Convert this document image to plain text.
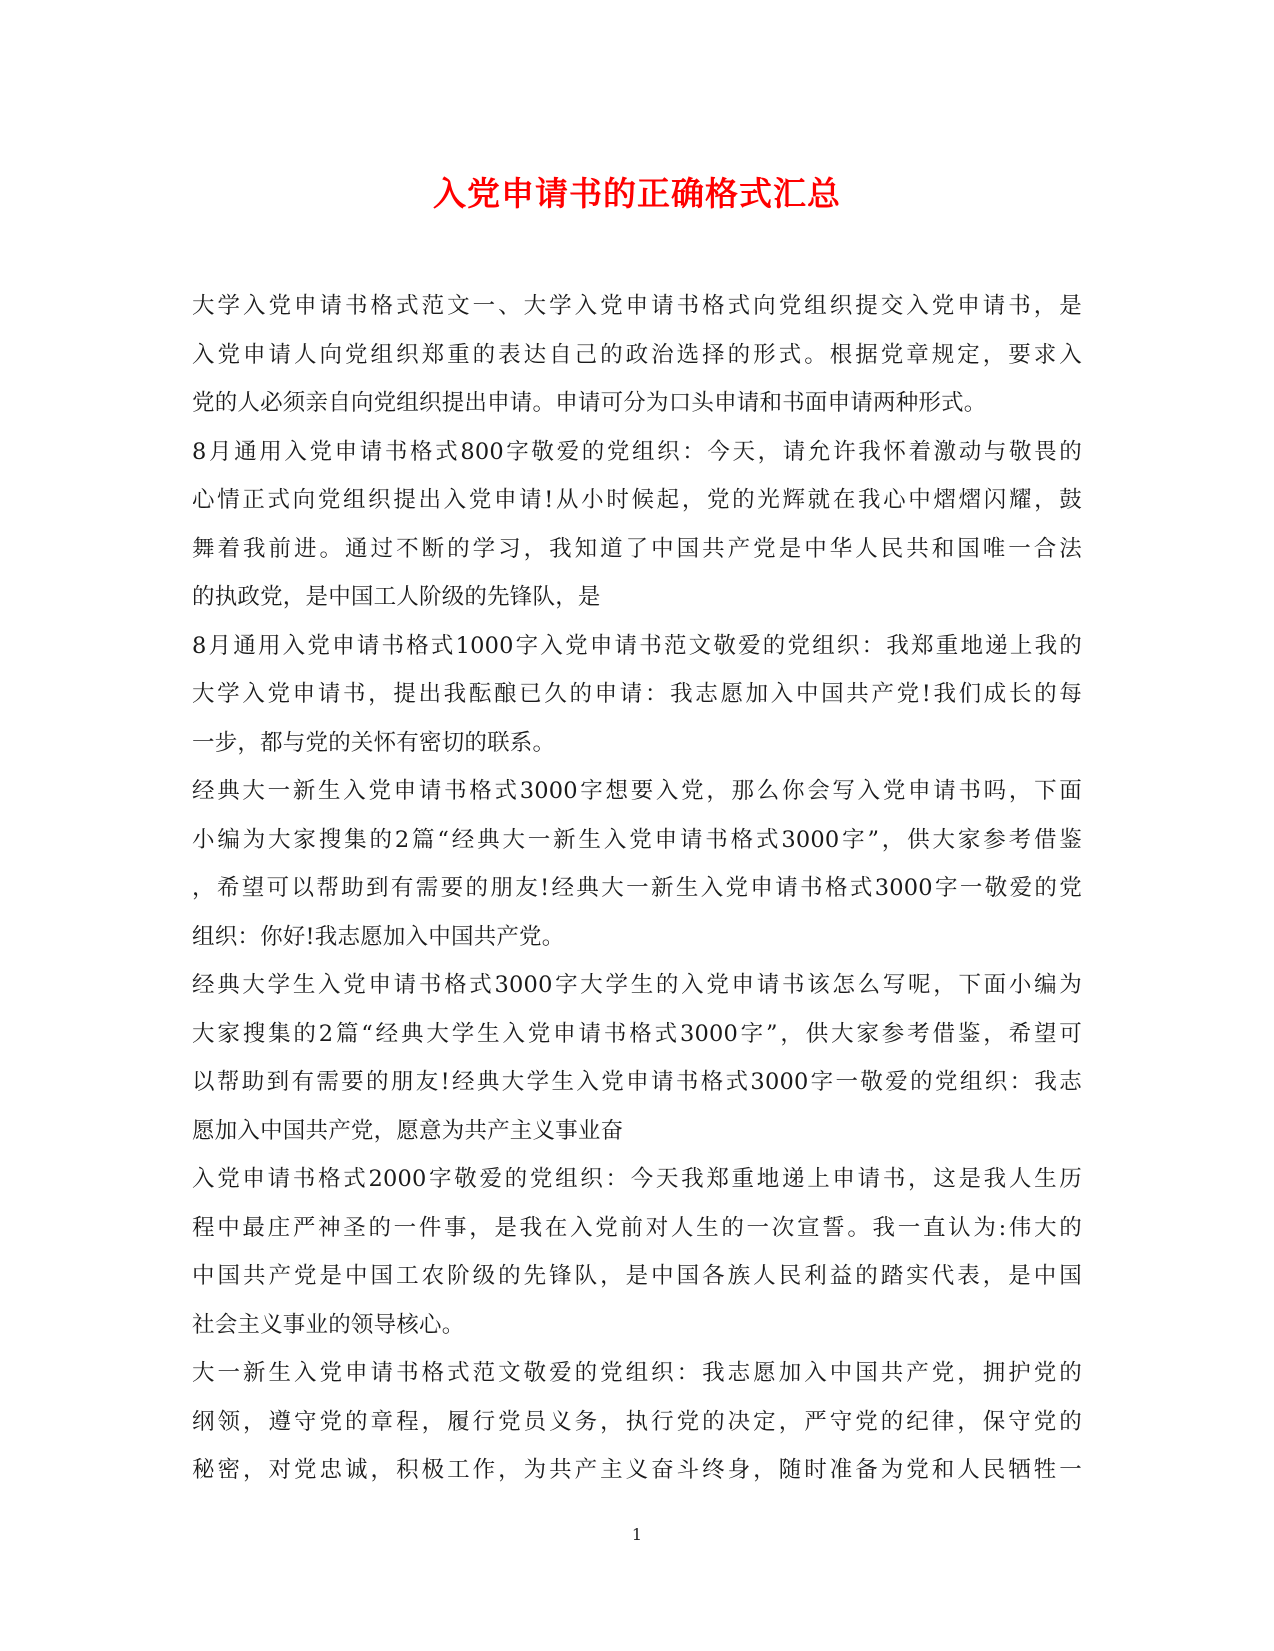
入党申请书的正确格式汇总
大学入党申请书格式范文一、大学入党申请书格式向党组织提交入党申请书，是
入党申请人向党组织郑重的表达自己的政治选择的形式。根据党章规定，要求入
党的人必须亲自向党组织提出申请。申请可分为口头申请和书面申请两种形式。
8月通用入党申请书格式800字敬爱的党组织：今天，请允许我怀着激动与敬畏的
心情正式向党组织提出入党申请!从小时候起，党的光辉就在我心中熠熠闪耀，鼓
舞着我前进。通过不断的学习，我知道了中国共产党是中华人民共和国唯一合法
的执政党，是中国工人阶级的先锋队，是
8月通用入党申请书格式1000字入党申请书范文敬爱的党组织：我郑重地递上我的
大学入党申请书，提出我酝酿已久的申请：我志愿加入中国共产党!我们成长的每
一步，都与党的关怀有密切的联系。
经典大一新生入党申请书格式3000字想要入党，那么你会写入党申请书吗，下面
小编为大家搜集的2篇“经典大一新生入党申请书格式3000字”，供大家参考借鉴
，希望可以帮助到有需要的朋友!经典大一新生入党申请书格式3000字一敬爱的党
组织：你好!我志愿加入中国共产党。
经典大学生入党申请书格式3000字大学生的入党申请书该怎么写呢，下面小编为
大家搜集的2篇“经典大学生入党申请书格式3000字”，供大家参考借鉴，希望可
以帮助到有需要的朋友!经典大学生入党申请书格式3000字一敬爱的党组织：我志
愿加入中国共产党，愿意为共产主义事业奋
入党申请书格式2000字敬爱的党组织：今天我郑重地递上申请书，这是我人生历
程中最庄严神圣的一件事，是我在入党前对人生的一次宣誓。我一直认为:伟大的
中国共产党是中国工农阶级的先锋队，是中国各族人民利益的踏实代表，是中国
社会主义事业的领导核心。
大一新生入党申请书格式范文敬爱的党组织：我志愿加入中国共产党，拥护党的
纲领，遵守党的章程，履行党员义务，执行党的决定，严守党的纪律，保守党的
秘密，对党忠诚，积极工作，为共产主义奋斗终身，随时准备为党和人民牺牲一
1
